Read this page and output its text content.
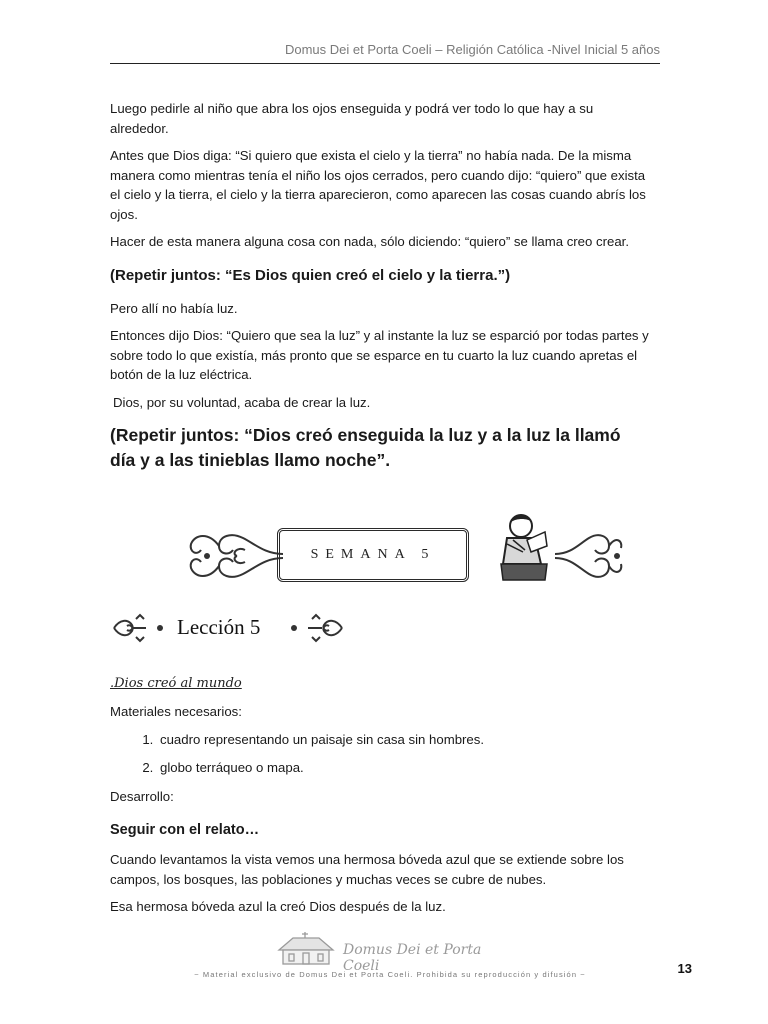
Domus Dei et Porta Coeli – Religión Católica -Nivel Inicial 5 años

Luego pedirle al niño que abra los ojos enseguida y podrá ver todo lo que hay a su alrededor.

Antes que Dios diga: “Si quiero que exista el cielo y la tierra” no había nada. De la misma manera como mientras tenía el niño los ojos cerrados, pero cuando dijo: “quiero” que exista el cielo y la tierra, el cielo y la tierra aparecieron, como aparecen las cosas cuando abrís los ojos.

Hacer de esta manera alguna cosa con nada, sólo diciendo: “quiero” se llama creo crear.

(Repetir juntos: “Es Dios quien creó el cielo y la tierra.”)

Pero allí no había luz.

Entonces dijo Dios: “Quiero que sea la luz” y al instante la luz se esparció por todas partes y sobre todo lo que existía, más pronto que se esparce en tu cuarto la luz cuando apretas el botón de la luz eléctrica.

Dios, por su voluntad, acaba de crear la luz.

(Repetir juntos: “Dios creó enseguida la luz y a la luz la llamó día y a las tinieblas llamo noche”.

SEMANA 5
Lección 5

.Dios creó al mundo

Materiales necesarios:

1. cuadro representando un paisaje sin casa sin hombres.
2. globo terráqueo o mapa.

Desarrollo:

Seguir con el relato…

Cuando levantamos la vista vemos una hermosa bóveda azul que se extiende sobre los campos, los bosques, las poblaciones y muchas veces se cubre de nubes.

Esa hermosa bóveda azul la creó Dios después de la luz.

Domus Dei et Porta Coeli
~ Material exclusivo de Domus Dei et Porta Coeli. Prohibida su reproducción y difusión ~	13
